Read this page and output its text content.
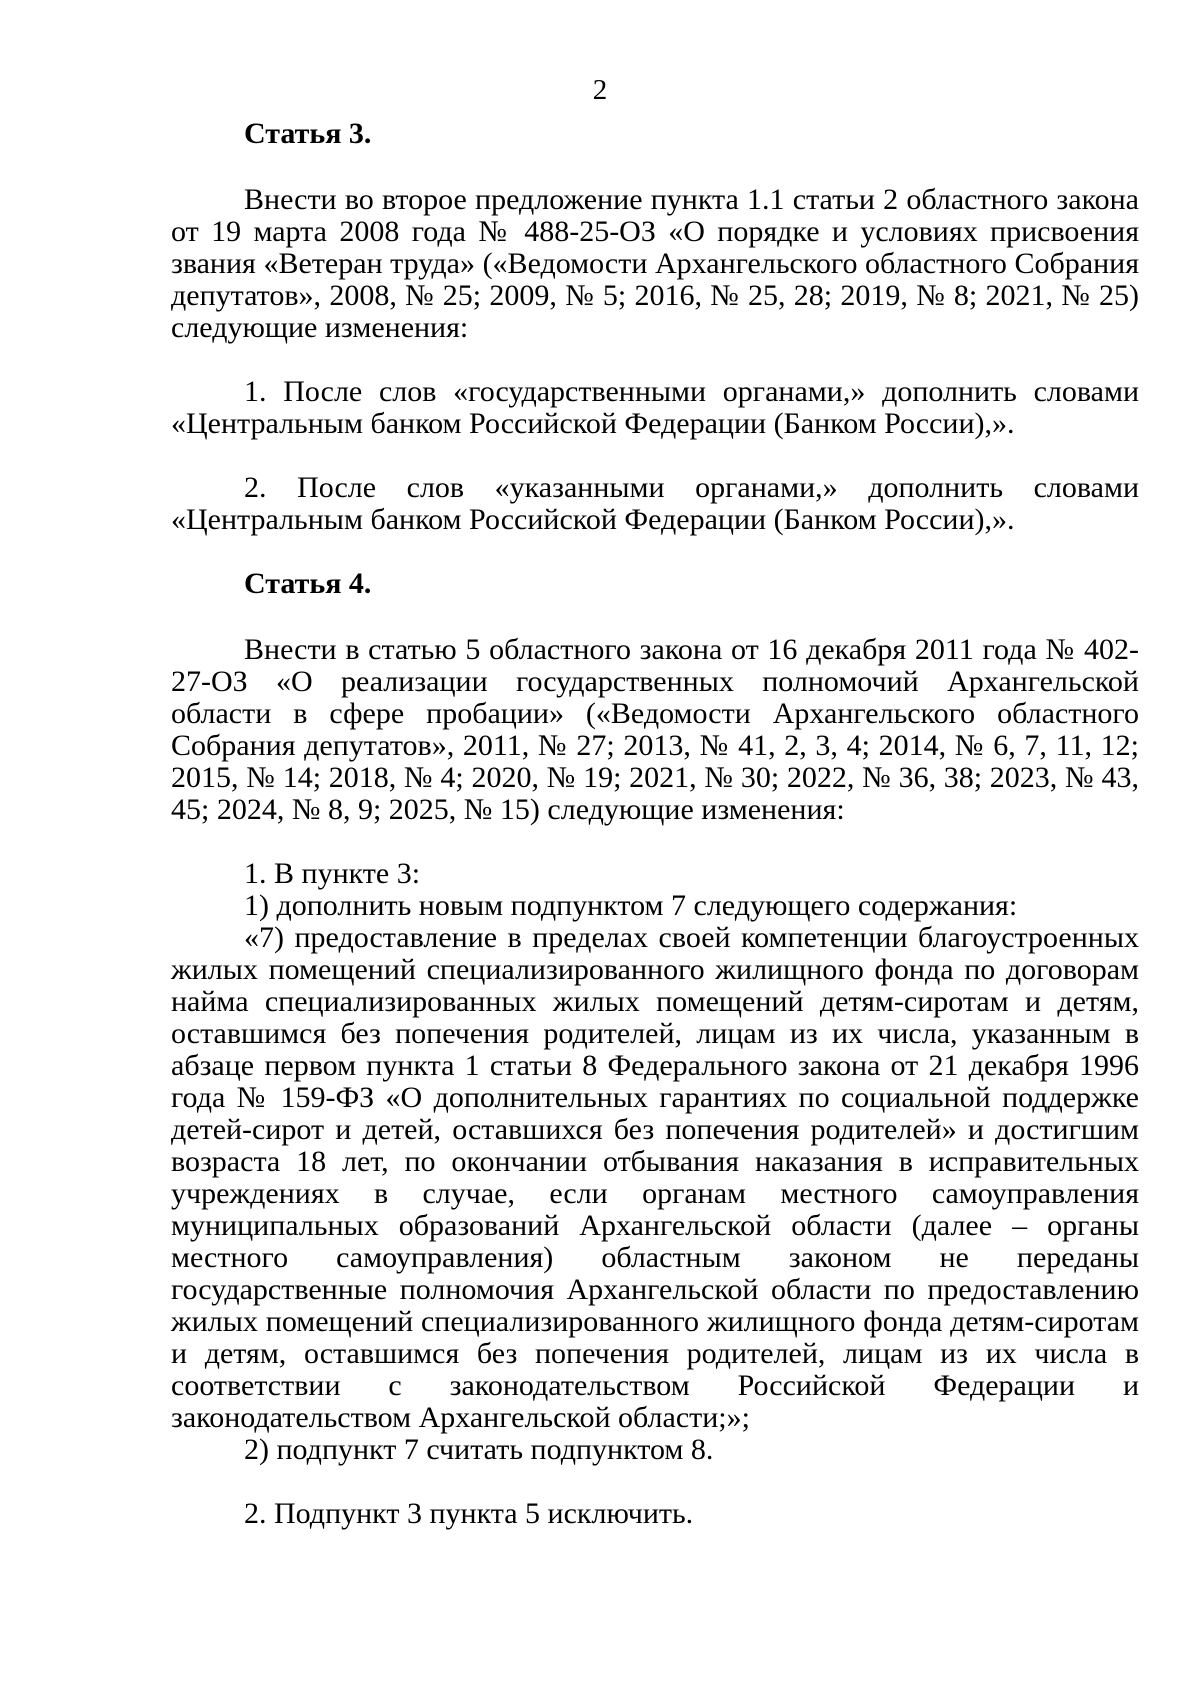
2
Статья 3.

Внести во второе предложение пункта 1.1 статьи 2 областного закона от 19 марта 2008 года № 488-25-ОЗ «О порядке и условиях присвоения звания «Ветеран труда» («Ведомости Архангельского областного Собрания депутатов», 2008, № 25; 2009, № 5; 2016, № 25, 28; 2019, № 8; 2021, № 25) следующие изменения:

1. После слов «государственными органами,» дополнить словами «Центральным банком Российской Федерации (Банком России),».

2. После слов «указанными органами,» дополнить словами «Центральным банком Российской Федерации (Банком России),».

Статья 4.

Внести в статью 5 областного закона от 16 декабря 2011 года № 402-27-ОЗ «О реализации государственных полномочий Архангельской области в сфере пробации» («Ведомости Архангельского областного Собрания депутатов», 2011, № 27; 2013, № 41, 2, 3, 4; 2014, № 6, 7, 11, 12; 2015, № 14; 2018, № 4; 2020, № 19; 2021, № 30; 2022, № 36, 38; 2023, № 43, 45; 2024, № 8, 9; 2025, № 15) следующие изменения:

1. В пункте 3:

1) дополнить новым подпунктом 7 следующего содержания:

«7) предоставление в пределах своей компетенции благоустроенных жилых помещений специализированного жилищного фонда по договорам найма специализированных жилых помещений детям-сиротам и детям, оставшимся без попечения родителей, лицам из их числа, указанным в абзаце первом пункта 1 статьи 8 Федерального закона от 21 декабря 1996 года № 159-ФЗ «О дополнительных гарантиях по социальной поддержке детей-сирот и детей, оставшихся без попечения родителей» и достигшим возраста 18 лет, по окончании отбывания наказания в исправительных учреждениях в случае, если органам местного самоуправления муниципальных образований Архангельской области (далее – органы местного самоуправления) областным законом не переданы государственные полномочия Архангельской области по предоставлению жилых помещений специализированного жилищного фонда детям-сиротам и детям, оставшимся без попечения родителей, лицам из их числа в соответствии с законодательством Российской Федерации и законодательством Архангельской области;»;

2) подпункт 7 считать подпунктом 8.

2. Подпункт 3 пункта 5 исключить.
